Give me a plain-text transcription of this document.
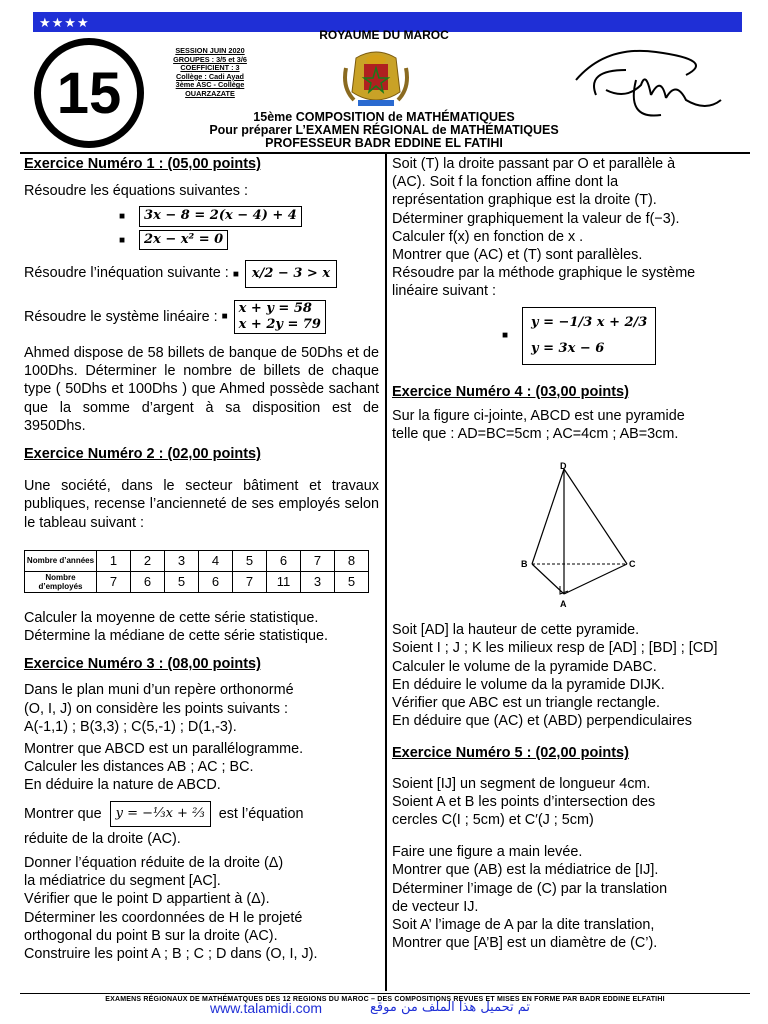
★★★★
ROYAUME DU MAROC
15
SESSION JUIN 2020
GROUPES : 3/5 et 3/6
COEFFICIENT : 3
Collège : Cadi Ayad
3ème ASC - Collège
OUARZAZATE
15ème COMPOSITION de MATHÉMATIQUES
Pour préparer L’EXAMEN RÉGIONAL de MATHÉMATIQUES
PROFESSEUR BADR EDDINE EL FATIHI
Exercice Numéro 1 : (05,00 points)
Résoudre les équations suivantes :
■ 3x − 8 = 2(x − 4) + 4
■ 2x − x² = 0
Résoudre l’inéquation suivante : ■ x/2 − 3 > x
Résoudre le système linéaire :
■
x + y = 58
x + 2y = 79
Ahmed dispose de 58 billets de banque de 50Dhs et de 100Dhs. Déterminer le nombre de billets de chaque type ( 50Dhs et 100Dhs ) que Ahmed possède sachant que la somme d’argent à sa disposition est de 3950Dhs.
Exercice Numéro 2 : (02,00 points)
Une société, dans le secteur bâtiment et travaux publiques, recense l’ancienneté de ses employés selon le tableau suivant :
Nombre d’années	1	2	3	4	5	6	7	8
Nombre d’employés	7	6	5	6	7	11	3	5
Calculer la moyenne de cette série statistique.
Détermine la médiane de cette série statistique.
Exercice Numéro 3 : (08,00 points)
Dans le plan muni d’un repère orthonormé
(O, I, J) on considère les points suivants :
A(-1,1) ; B(3,3) ; C(5,-1) ; D(1,-3).
Montrer que ABCD est un parallélogramme.
Calculer les distances AB ; AC ; BC.
En déduire la nature de ABCD.
Montrer que	y = −⅓x + ⅔ est l’équation
réduite de la droite (AC).
Donner l’équation réduite de la droite (Δ)
la médiatrice du segment [AC].
Vérifier que le point D appartient à (Δ).
Déterminer les coordonnées de H le projeté
orthogonal du point B sur la droite (AC).
Construire les point A ; B ; C ; D dans (O, I, J).
Soit (T) la droite passant par O et parallèle à
(AC). Soit f la fonction affine dont la
représentation graphique est la droite (T).
Déterminer graphiquement la valeur de f(−3).
Calculer f(x) en fonction de x .
Montrer que (AC) et (T) sont parallèles.
Résoudre par la méthode graphique le système
linéaire suivant :
■
y = −1/3 x + 2/3
y = 3x − 6
Exercice Numéro 4 : (03,00 points)
Sur la figure ci-jointe, ABCD est une pyramide
telle que : AD=BC=5cm ; AC=4cm ; AB=3cm.
D
B	C
A
Soit [AD] la hauteur de cette pyramide.
Soient I ; J ; K les milieux resp de [AD] ; [BD] ; [CD]
Calculer le volume de la pyramide DABC.
En déduire le volume da la pyramide DIJK.
Vérifier que ABC est un triangle rectangle.
En déduire que (AC) et (ABD) perpendiculaires
Exercice Numéro 5 : (02,00 points)
Soient [IJ] un segment de longueur 4cm.
Soient A et B les points d’intersection des
cercles C(I ; 5cm) et C′(J ; 5cm)
Faire une figure a main levée.
Montrer que (AB) est la médiatrice de [IJ].
Déterminer l’image de (C) par la translation
de vecteur IJ.
Soit A’ l’image de A par la dite translation,
Montrer que [A’B] est un diamètre de (C’).
EXAMENS RÉGIONAUX DE MATHÉMATQUES DES 12 REGIONS DU MAROC – DES COMPOSITIONS REVUES ET MISES EN FORME PAR BADR EDDINE ELFATIHI
www.talamidi.com	تم تحميل هذا الملف من موقع
